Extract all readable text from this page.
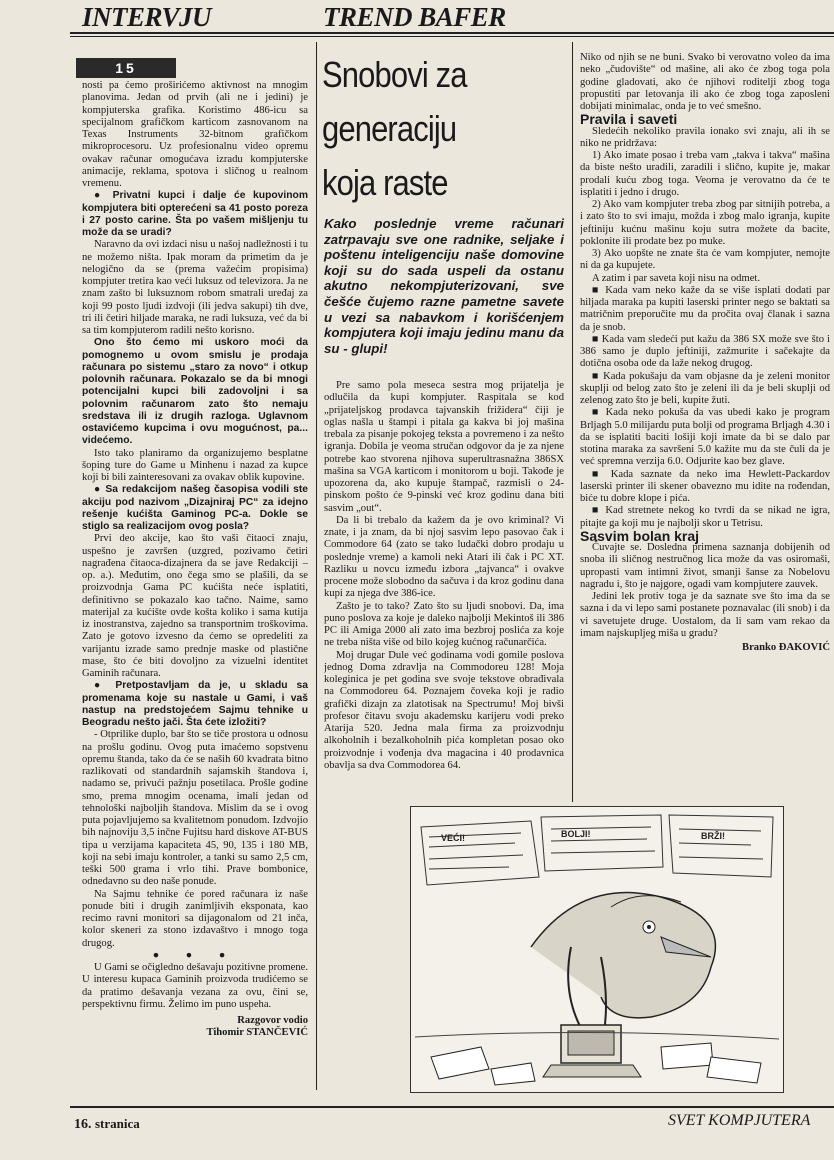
INTERVJU	TREND BAFER
15

nosti pa ćemo proširićemo aktivnost na mnogim planovima. Jedan od prvih (ali ne i jedini) je kompjuterska grafika. Koristimo 486-icu sa specijalnom grafičkom karticom zasnovanom na Texas Instruments 32-bitnom grafičkom mikroprocesoru. Uz profesionalnu video opremu ovakav računar omogućava izradu kompjuterske animacije, reklama, spotova i sličnog u realnom vremenu.

● Privatni kupci i dalje će kupovinom kompjutera biti opterećeni sa 41 posto poreza i 27 posto carine. Šta po vašem mišljenju tu može da se uradi?

Naravno da ovi izdaci nisu u našoj nadležnosti i tu ne možemo ništa. Ipak moram da primetim da je nelogično da se (prema važećim propisima) kompjuter tretira kao veći luksuz od televizora. Ja ne znam zašto bi luksuznom robom smatrali uređaj za koji 99 posto ljudi izdvoji (ili jedva sakupi) tih dve, tri ili četiri hiljade maraka, ne radi luksuza, već da bi sa tim kompjuterom radili nešto korisno.

Ono što ćemo mi uskoro moći da pomognemo u ovom smislu je prodaja računara po sistemu „staro za novo“ i otkup polovnih računara. Pokazalo se da bi mnogi potencijalni kupci bili zadovoljni i sa polovnim računarom zato što nemaju sredstava ili iz drugih razloga. Uglavnom ostavićemo kupcima i ovu mogućnost, pa... videćemo.

Isto tako planiramo da organizujemo besplatne šoping ture do Game u Minhenu i nazad za kupce koji bi bili zainteresovani za ovakav oblik kupovine.

● Sa redakcijom našeg časopisa vodili ste akciju pod nazivom „Dizajniraj PC“ za idejno rešenje kućišta Gaminog PC-a. Dokle se stiglo sa realizacijom ovog posla?

Prvi deo akcije, kao što vaši čitaoci znaju, uspešno je završen (uzgred, pozivamo četiri nagrađena čitaoca-dizajnera da se jave Redakciji – op. a.). Međutim, ono čega smo se plašili, da se proizvodnja Gama PC kućišta neće isplatiti, definitivno se pokazalo kao tačno. Naime, samo materijal za kućište ovde košta koliko i sama kutija iz inostranstva, zajedno sa transportnim troškovima. Zato je gotovo izvesno da ćemo se opredeliti za varijantu izrade samo prednje maske od plastične mase, što će biti dovoljno za vizuelni identitet Gaminih računara.

● Pretpostavljam da je, u skladu sa promenama koje su nastale u Gami, i vaš nastup na predstojećem Sajmu tehnike u Beogradu nešto jači. Šta ćete izložiti?

- Otprilike duplo, bar što se tiče prostora u odnosu na prošlu godinu. Ovog puta imaćemo sopstvenu opremu štanda, tako da će se naših 60 kvadrata bitno razlikovati od standardnih sajamskih štandova i, nadamo se, privući pažnju posetilaca. Prošle godine smo, prema mnogim ocenama, imali jedan od tehnološki najboljih štandova. Mislim da se i ovog puta pojavljujemo sa kvalitetnom ponudom. Izdvojio bih najnoviju 3,5 inčne Fujitsu hard diskove AT-BUS tipa u verzijama kapaciteta 45, 90, 135 i 180 MB, koji na sebi imaju kontroler, a tanki su samo 2,5 cm, teški 500 grama i vrlo tihi. Prave bombonice, odnedavno su deo naše ponude.

Na Sajmu tehnike će pored računara iz naše ponude biti i drugih zanimljivih eksponata, kao recimo ravni monitori sa dijagonalom od 21 inča, kolor skeneri za stono izdavaštvo i mnogo toga drugog.

● ● ●

U Gami se očigledno dešavaju pozitivne promene. U interesu kupaca Gaminih proizvoda trudićemo se da pratimo dešavanja vezana za ovu, čini se, perspektivnu firmu. Želimo im puno uspeha.

Razgovor vodio

Tihomir STANČEVIĆ

Snobovi za
generaciju
koja raste
Kako poslednje vreme računari zatrpavaju sve one radnike, seljake i poštenu inteligenciju naše domovine koji su do sada uspeli da ostanu akutno nekompjuterizovani, sve češće čujemo razne pametne savete u vezi sa nabavkom i korišćenjem kompjutera koji imaju jedinu manu da su - glupi!

Pre samo pola meseca sestra mog prijatelja je odlučila da kupi kompjuter. Raspitala se kod „prijateljskog prodavca tajvanskih frižidera“ čiji je oglas našla u štampi i pitala ga kakva bi joj mašina trebala za pisanje pokojeg teksta a povremeno i za nešto igranja. Dobila je veoma stručan odgovor da je za njene potrebe kao stvorena njihova superultrasnažna 386SX mašina sa VGA karticom i monitorom u boji. Takođe je upozorena da, ako kupuje štampač, razmisli o 24-pinskom pošto će 9-pinski već kroz godinu dana biti sasvim „out“.

Da li bi trebalo da kažem da je ovo kriminal? Vi znate, i ja znam, da bi njoj sasvim lepo pasovao čak i Commodore 64 (zato se tako ludački dobro prodaju u poslednje vreme) a kamoli neki Atari ili čak i PC XT. Razliku u novcu između izbora „tajvanca“ i ovakve procene može slobodno da sačuva i da kroz godinu dana kupi za njega dve 386-ice.

Zašto je to tako? Zato što su ljudi snobovi. Da, ima puno poslova za koje je daleko najbolji Mekintoš ili 386 PC ili Amiga 2000 ali zato ima bezbroj poslića za koje ne treba ništa više od bilo kojeg kućnog računarčića.

Moj drugar Dule već godinama vodi gomile poslova jednog Doma zdravlja na Commodoreu 128! Moja koleginica je pet godina sve svoje tekstove obrađivala na Commodoreu 64. Poznajem čoveka koji je radio grafički dizajn za zlatotisak na Spectrumu! Moj bivši profesor čitavu svoju akademsku karijeru vodi preko Atarija 520. Jedna mala firma za proizvodnju alkoholnih i bezalkoholnih pića kompletan posao oko proizvodnje i vođenja dva magacina i 40 prodavnica obavlja sa dva Commodorea 64.

Niko od njih se ne buni. Svako bi verovatno voleo da ima neko „čudovište“ od mašine, ali ako će zbog toga pola godine gladovati, ako će njihovi roditelji zbog toga propustiti par letovanja ili ako će zbog toga zaposleni dobijati minimalac, onda je to već smešno.

Pravila i saveti

Sledećih nekoliko pravila ionako svi znaju, ali ih se niko ne pridržava:

1) Ako imate posao i treba vam „takva i takva“ mašina da biste nešto uradili, zaradili i slično, kupite je, makar prodali kuću zbog toga. Veoma je verovatno da će te isplatiti i jedno i drugo.

2) Ako vam kompjuter treba zbog par sitnijih potreba, a i zato što to svi imaju, možda i zbog malo igranja, kupite jeftiniju kućnu mašinu koju sutra možete da bacite, poklonite ili prodate bez po muke.

3) Ako uopšte ne znate šta će vam kompjuter, nemojte ni da ga kupujete.

A zatim i par saveta koji nisu na odmet.

■ Kada vam neko kaže da se više isplati dodati par hiljada maraka pa kupiti laserski printer nego se baktati sa matričnim preporučite mu da pročita ovaj članak i sazna da je snob.

■ Kada vam sledeći put kažu da 386 SX može sve što i 386 samo je duplo jeftiniji, zažmurite i sačekajte da dotična osoba ode da laže nekog drugog.

■ Kada pokušaju da vam objasne da je zeleni monitor skuplji od belog zato što je zeleni ili da je beli skuplji od zelenog zato što je beli, kupite žuti.

■ Kada neko pokuša da vas ubedi kako je program Brljagh 5.0 milijardu puta bolji od programa Brljagh 4.30 i da se isplatiti baciti lošiji koji imate da bi se dalo par stotina maraka za savršeni 5.0 kažite mu da ste čuli da je već spremna verzija 6.0. Odjurite kao bez glave.

■ Kada saznate da neko ima Hewlett-Packardov laserski printer ili skener obavezno mu idite na rođendan, biće tu dobre klope i pića.

■ Kad stretnete nekog ko tvrdi da se nikad ne igra, pitajte ga koji mu je najbolji skor u Tetrisu.

Sasvim bolan kraj

Čuvajte se. Dosledna primena saznanja dobijenih od snoba ili sličnog nestručnog lica može da vas osiromaši, upropasti vam intimni život, smanji šanse za Nobelovu nagradu i, što je najgore, ogadi vam kompjutere zauvek.

Jedini lek protiv toga je da saznate sve što ima da se sazna i da vi lepo sami postanete poznavalac (ili snob) i da vi savetujete druge. Uostalom, da li sam vam rekao da imam najskupljeg miša u gradu?

Branko ĐAKOVIĆ

VEĆI!	BOLJI!	BRŽI!
16. stranica	SVET KOMPJUTERA
